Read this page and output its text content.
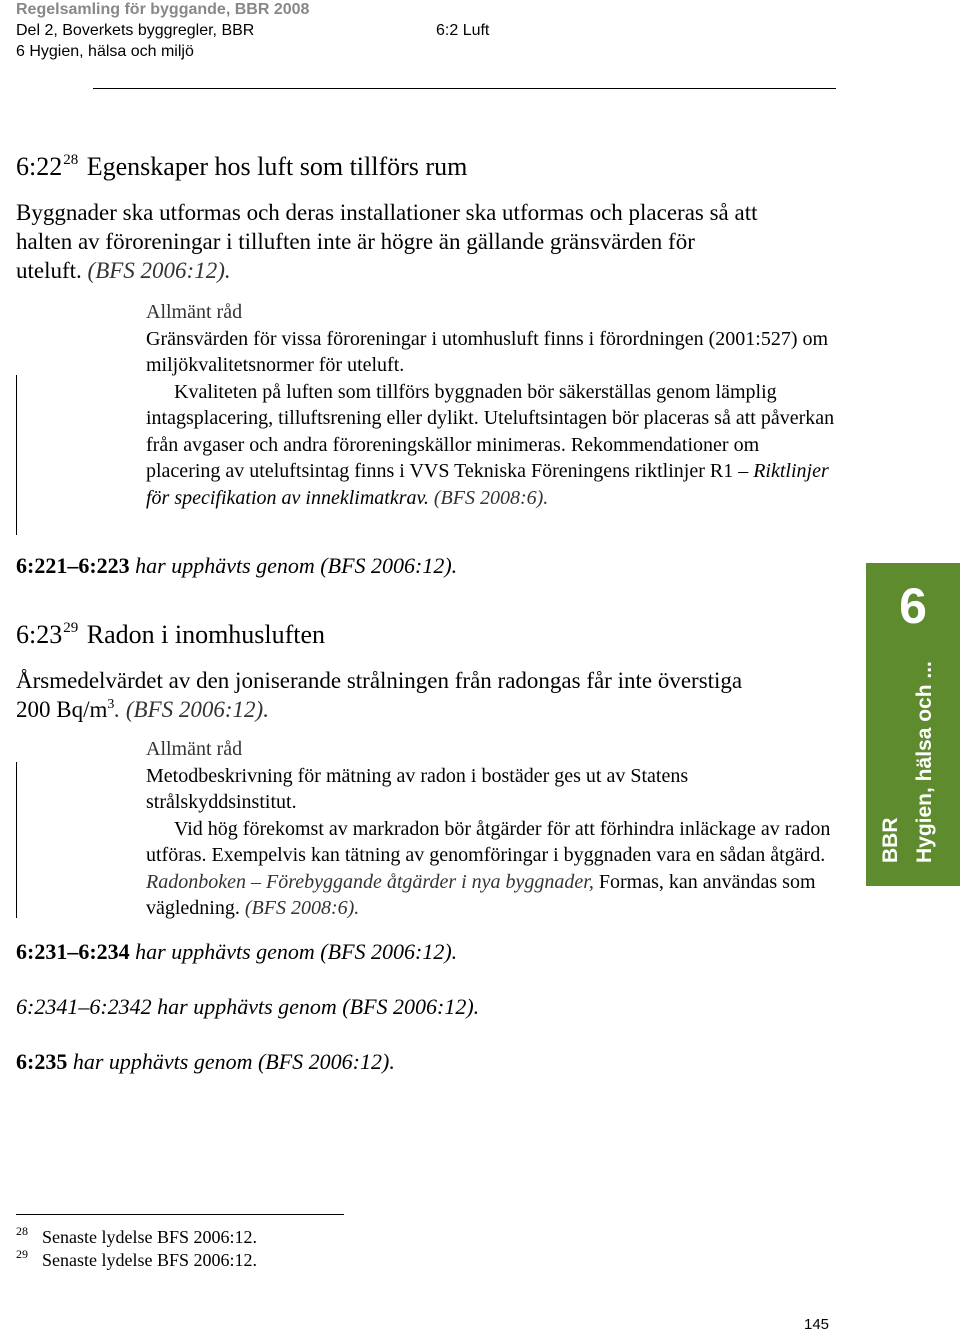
Regelsamling för byggande, BBR 2008
Del 2, Boverkets byggregler, BBR
6 Hygien, hälsa och miljö
6:2 Luft
$6:22^{28}$ Egenskaper hos luft som tillförs rum
Byggnader ska utformas och deras installationer ska utformas och placeras så att
halten av föroreningar i tilluften inte är högre än gällande gränsvärden för
uteluft. (BFS 2006:12).

Allmänt råd

Gränsvärden för vissa föroreningar i utomhusluft finns i förordningen (2001:527) om miljökvalitetsnormer för uteluft.

Kvaliteten på luften som tillförs byggnaden bör säkerställas genom lämplig intagsplacering, tilluftsrening eller dylikt. Uteluftsintagen bör placeras så att påverkan från avgaser och andra föroreningskällor minimeras. Rekommendationer om placering av uteluftsintag finns i VVS Tekniska Föreningens riktlinjer R1 – Riktlinjer för specifikation av inneklimatkrav. (BFS 2008:6).

6:221–6:223 har upphävts genom (BFS 2006:12).
$6:23^{29}$ Radon i inomhusluften
Årsmedelvärdet av den joniserande strålningen från radongas får inte överstiga
200 $Bq/m^3$. (BFS 2006:12).

Allmänt råd

Metodbeskrivning för mätning av radon i bostäder ges ut av Statens strålskyddsinstitut.

Vid hög förekomst av markradon bör åtgärder för att förhindra inläckage av radon utföras. Exempelvis kan tätning av genomföringar i byggnaden vara en sådan åtgärd. Radonboken – Förebyggande åtgärder i nya byggnader, Formas, kan användas som vägledning. (BFS 2008:6).

6:231–6:234 har upphävts genom (BFS 2006:12).
6:2341–6:2342 har upphävts genom (BFS 2006:12).
6:235 har upphävts genom (BFS 2006:12).
6
BBR Hygien, hälsa och ...
$^{28}$ Senaste lydelse BFS 2006:12.
$^{29}$ Senaste lydelse BFS 2006:12.
145
